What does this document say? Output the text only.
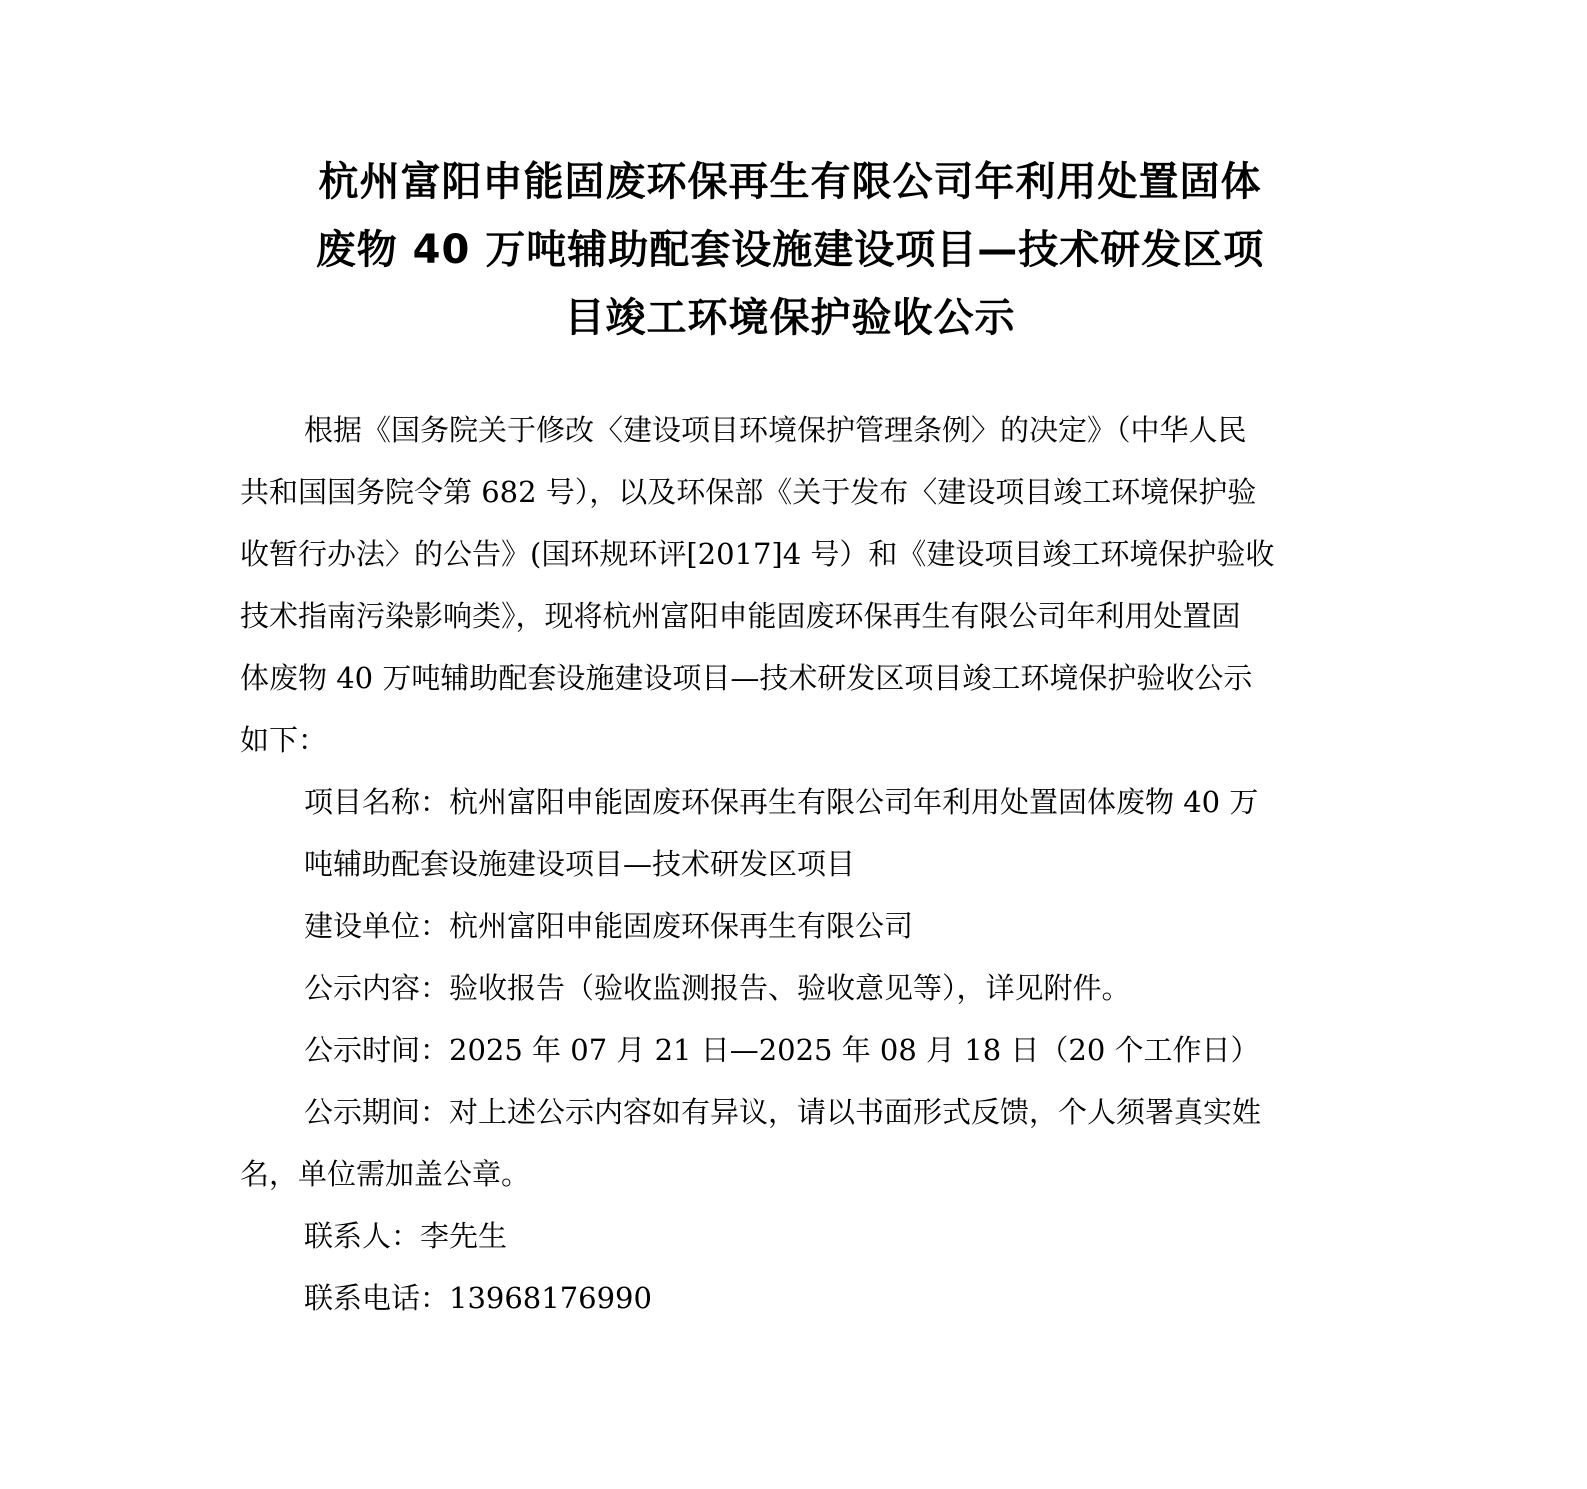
杭州富阳申能固废环保再生有限公司年利用处置固体
废物 40 万吨辅助配套设施建设项目—技术研发区项
目竣工环境保护验收公示
根据《国务院关于修改〈建设项目环境保护管理条例〉的决定》（中华人民
共和国国务院令第 682 号），以及环保部《关于发布〈建设项目竣工环境保护验
收暂行办法〉的公告》(国环规环评[2017]4 号）和《建设项目竣工环境保护验收
技术指南污染影响类》，现将杭州富阳申能固废环保再生有限公司年利用处置固
体废物 40 万吨辅助配套设施建设项目—技术研发区项目竣工环境保护验收公示
如下：
项目名称：杭州富阳申能固废环保再生有限公司年利用处置固体废物 40 万
吨辅助配套设施建设项目—技术研发区项目
建设单位：杭州富阳申能固废环保再生有限公司
公示内容：验收报告（验收监测报告、验收意见等），详见附件。
公示时间：2025 年 07 月 21 日—2025 年 08 月 18 日（20 个工作日）
公示期间：对上述公示内容如有异议，请以书面形式反馈，个人须署真实姓
名，单位需加盖公章。
联系人：李先生
联系电话：13968176990
